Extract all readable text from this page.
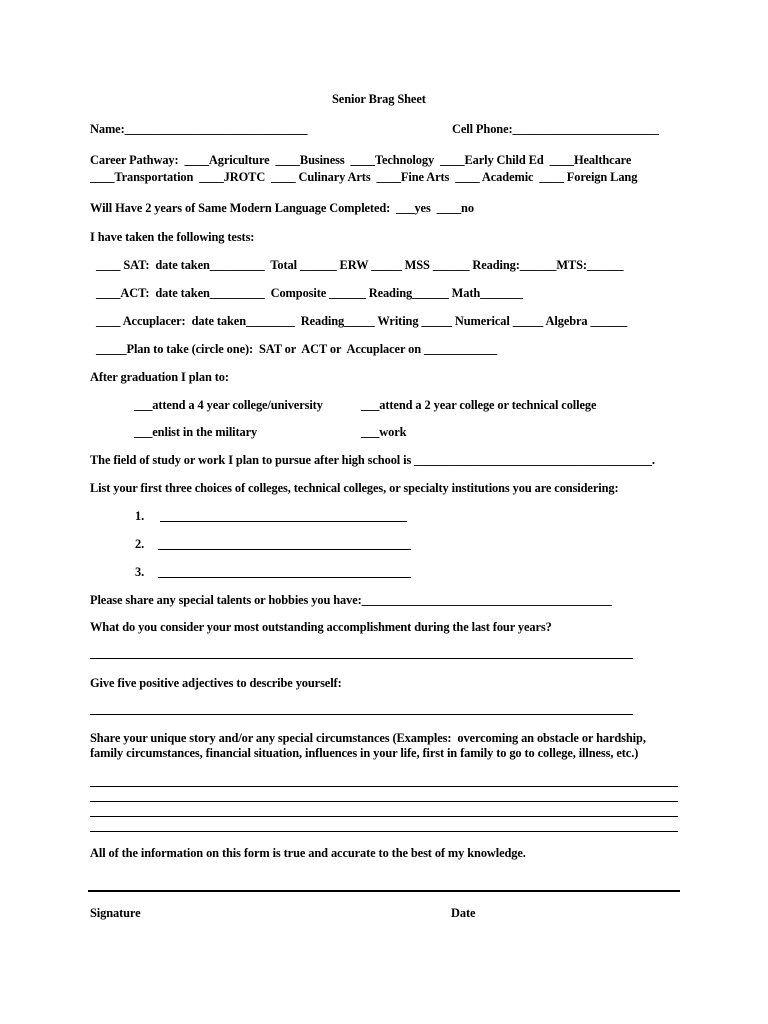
Senior Brag Sheet
Name:______________________________	Cell Phone:________________________
Career Pathway:  ____Agriculture  ____Business  ____Technology  ____Early Child Ed  ____Healthcare
____Transportation  ____JROTC  ____ Culinary Arts  ____Fine Arts  ____ Academic  ____ Foreign Lang
Will Have 2 years of Same Modern Language Completed:  ___yes  ____no
I have taken the following tests:
____ SAT:  date taken_________  Total ______ ERW _____ MSS ______ Reading:______MTS:______
____ACT:  date taken_________  Composite ______ Reading______ Math_______
____ Accuplacer:  date taken________  Reading_____ Writing _____ Numerical _____ Algebra ______
_____Plan to take (circle one):  SAT or  ACT or  Accuplacer on ____________
After graduation I plan to:
___attend a 4 year college/university	___attend a 2 year college or technical college
___enlist in the military	___work
The field of study or work I plan to pursue after high school is _______________________________________.
List your first three choices of colleges, technical colleges, or specialty institutions you are considering:
1.
2.
3.
Please share any special talents or hobbies you have:_________________________________________
What do you consider your most outstanding accomplishment during the last four years?
Give five positive adjectives to describe yourself:
Share your unique story and/or any special circumstances (Examples:  overcoming an obstacle or hardship,
family circumstances, financial situation, influences in your life, first in family to go to college, illness, etc.)
All of the information on this form is true and accurate to the best of my knowledge.
Signature	Date
